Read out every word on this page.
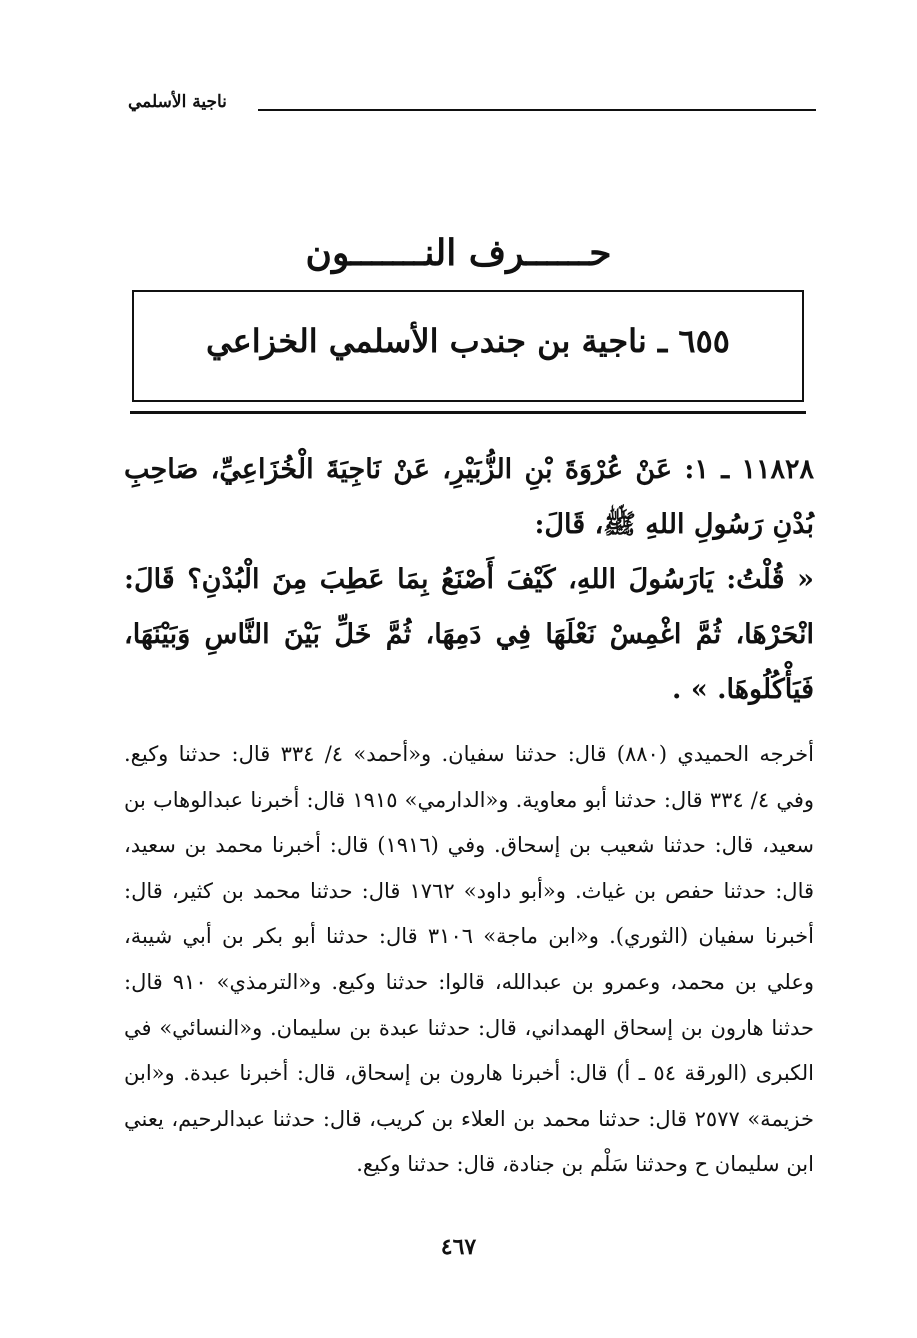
ناجية الأسلمي
حــــــرف النـــــــون
٦٥٥ ـ ناجية بن جندب الأسلمي الخزاعي

١١٨٢٨ ـ ١: عَنْ عُرْوَةَ بْنِ الزُّبَيْرِ، عَنْ نَاجِيَةَ الْخُزَاعِيِّ، صَاحِبِ بُدْنِ رَسُولِ اللهِ ﷺ، قَالَ:

« قُلْتُ: يَارَسُولَ اللهِ، كَيْفَ أَصْنَعُ بِمَا عَطِبَ مِنَ الْبُدْنِ؟ قَالَ: انْحَرْهَا، ثُمَّ اغْمِسْ نَعْلَهَا فِي دَمِهَا، ثُمَّ خَلِّ بَيْنَ النَّاسِ وَبَيْنَهَا، فَيَأْكُلُوهَا. » .

أخرجه الحميدي (٨٨٠) قال: حدثنا سفيان. و«أحمد» ٤/ ٣٣٤ قال: حدثنا وكيع. وفي ٤/ ٣٣٤ قال: حدثنا أبو معاوية. و«الدارمي» ١٩١٥ قال: أخبرنا عبدالوهاب بن سعيد، قال: حدثنا شعيب بن إسحاق. وفي (١٩١٦) قال: أخبرنا محمد بن سعيد، قال: حدثنا حفص بن غياث. و«أبو داود» ١٧٦٢ قال: حدثنا محمد بن كثير، قال: أخبرنا سفيان (الثوري). و«ابن ماجة» ٣١٠٦ قال: حدثنا أبو بكر بن أبي شيبة، وعلي بن محمد، وعمرو بن عبدالله، قالوا: حدثنا وكيع. و«الترمذي» ٩١٠ قال: حدثنا هارون بن إسحاق الهمداني، قال: حدثنا عبدة بن سليمان. و«النسائي» في الكبرى (الورقة ٥٤ ـ أ) قال: أخبرنا هارون بن إسحاق، قال: أخبرنا عبدة. و«ابن خزيمة» ٢٥٧٧ قال: حدثنا محمد بن العلاء بن كريب، قال: حدثنا عبدالرحيم، يعني ابن سليمان ح وحدثنا سَلْم بن جنادة، قال: حدثنا وكيع.

٤٦٧
